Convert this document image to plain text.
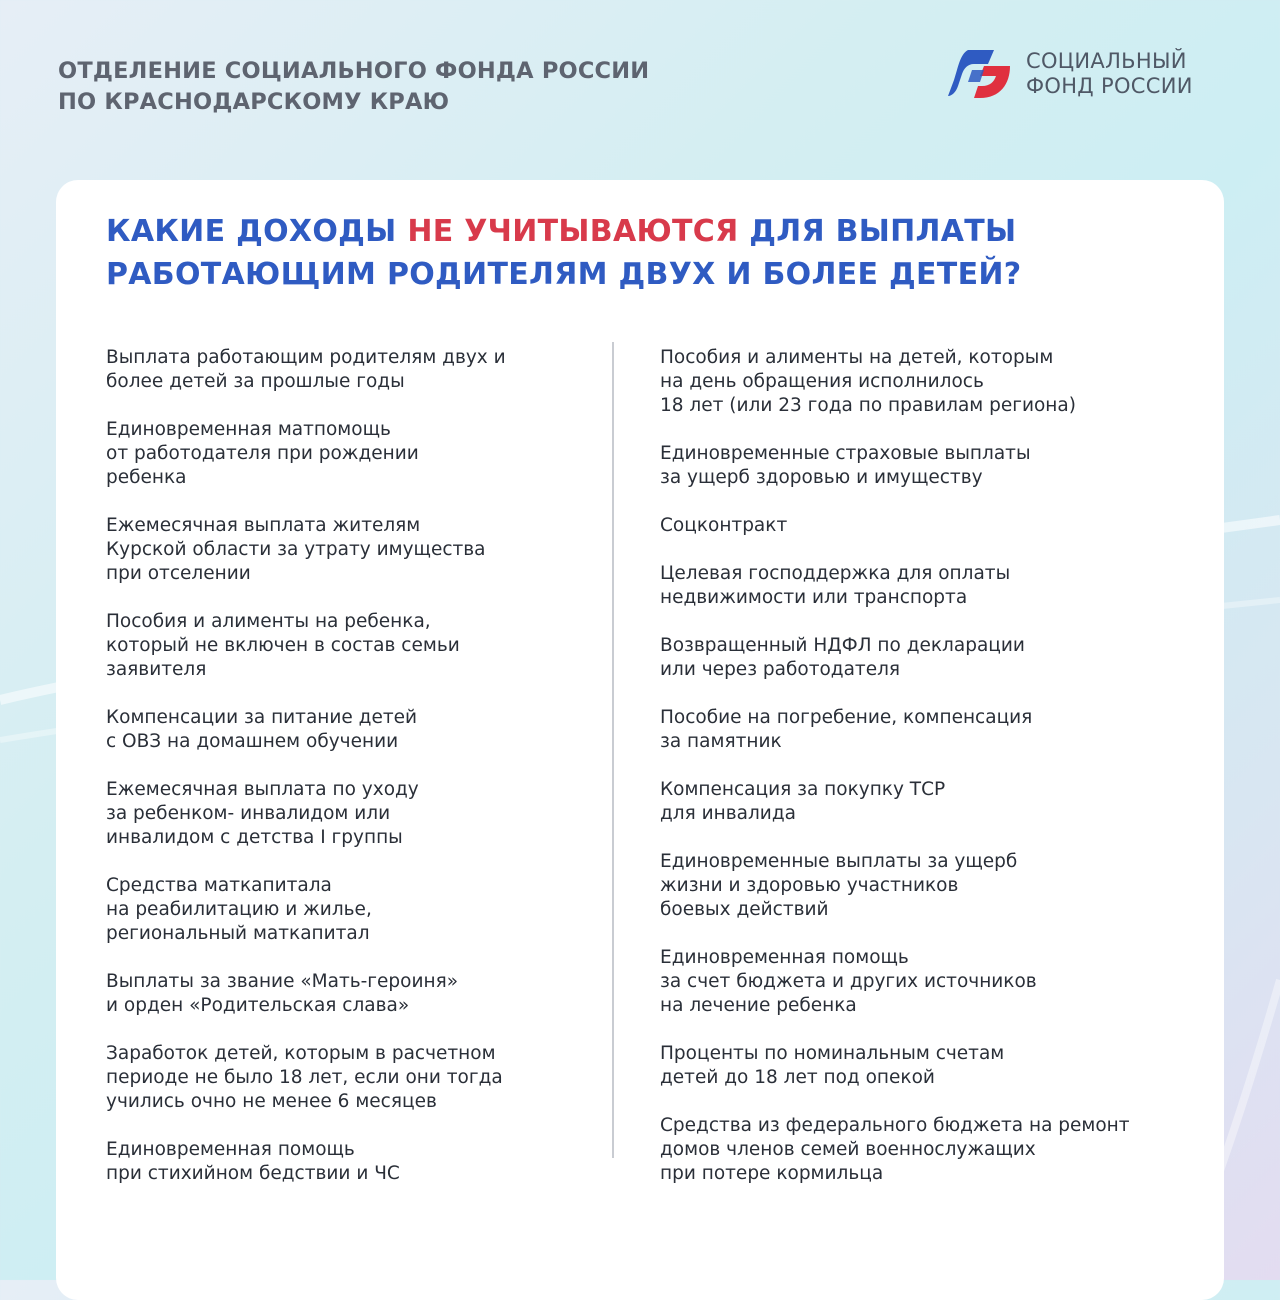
ОТДЕЛЕНИЕ СОЦИАЛЬНОГО ФОНДА РОССИИ
ПО КРАСНОДАРСКОМУ КРАЮ
СОЦИАЛЬНЫЙ
ФОНД РОССИИ
КАКИЕ ДОХОДЫ НЕ УЧИТЫВАЮТСЯ ДЛЯ ВЫПЛАТЫ
РАБОТАЮЩИМ РОДИТЕЛЯМ ДВУХ И БОЛЕЕ ДЕТЕЙ?
Выплата работающим родителям двух и
более детей за прошлые годы
Единовременная матпомощь
от работодателя при рождении
ребенка
Ежемесячная выплата жителям
Курской области за утрату имущества
при отселении
Пособия и алименты на ребенка,
который не включен в состав семьи
заявителя
Компенсации за питание детей
с ОВЗ на домашнем обучении
Ежемесячная выплата по уходу
за ребенком- инвалидом или
инвалидом с детства I группы
Средства маткапитала
на реабилитацию и жилье,
региональный маткапитал
Выплаты за звание «Мать-героиня»
и орден «Родительская слава»
Заработок детей, которым в расчетном
периоде не было 18 лет, если они тогда
учились очно не менее 6 месяцев
Единовременная помощь
при стихийном бедствии и ЧС
Пособия и алименты на детей, которым
на день обращения исполнилось
18 лет (или 23 года по правилам региона)
Единовременные страховые выплаты
за ущерб здоровью и имуществу
Соцконтракт
Целевая господдержка для оплаты
недвижимости или транспорта
Возвращенный НДФЛ по декларации
или через работодателя
Пособие на погребение, компенсация
за памятник
Компенсация за покупку ТСР
для инвалида
Единовременные выплаты за ущерб
жизни и здоровью участников
боевых действий
Единовременная помощь
за счет бюджета и других источников
на лечение ребенка
Проценты по номинальным счетам
детей до 18 лет под опекой
Средства из федерального бюджета на ремонт
домов членов семей военнослужащих
при потере кормильца
